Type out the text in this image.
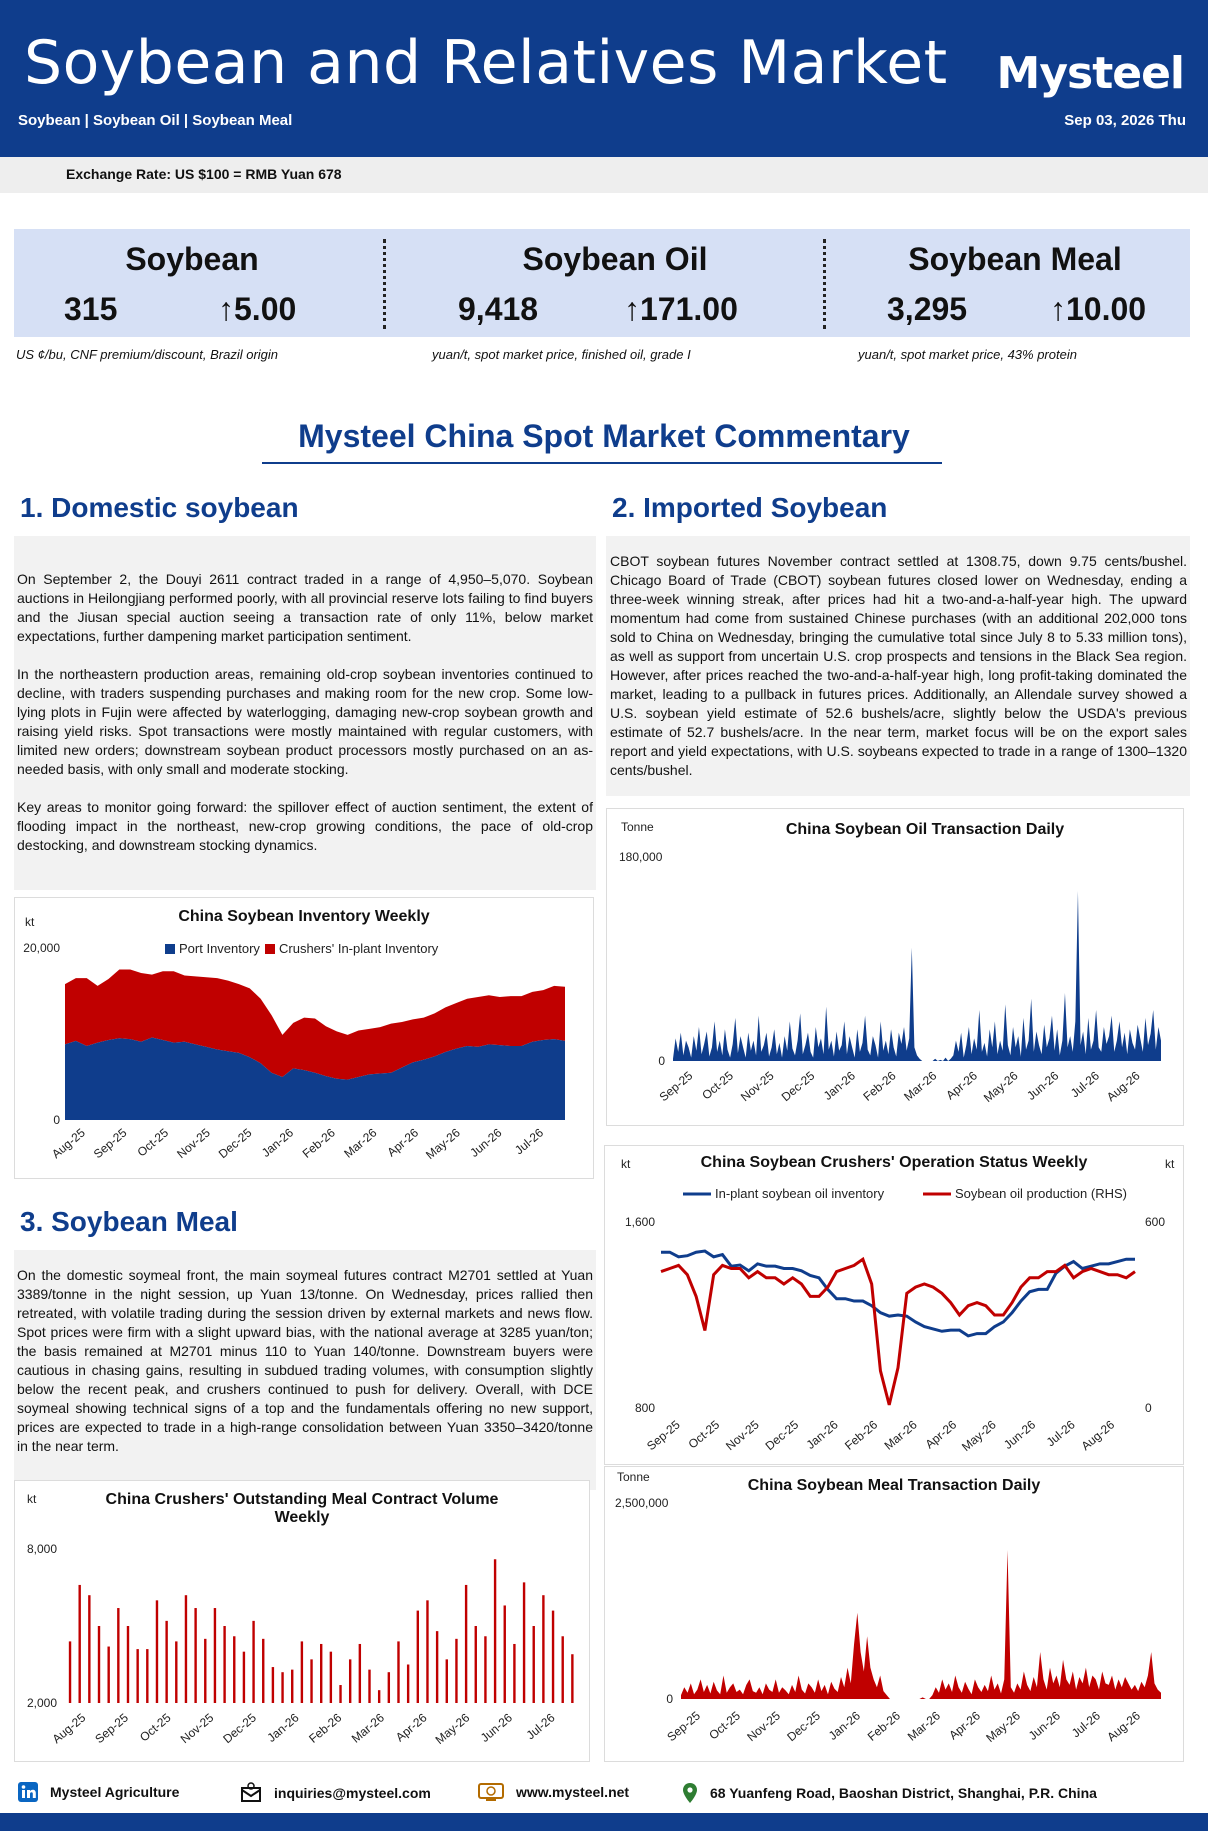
Soybean and Relatives Market
Soybean | Soybean Oil | Soybean Meal	Sep 03, 2026 Thu
Mysteel
Exchange Rate: US $100 = RMB Yuan 678
Soybean
315	↑5.00
Soybean Oil
9,418	↑171.00
Soybean Meal
3,295	↑10.00
US ¢/bu, CNF premium/discount, Brazil origin	yuan/t, spot market price, finished oil, grade I	yuan/t, spot market price, 43% protein
Mysteel China Spot Market Commentary
1. Domestic soybean

On September 2, the Douyi 2611 contract traded in a range of 4,950–5,070. Soybean auctions in Heilongjiang performed poorly, with all provincial reserve lots failing to find buyers and the Jiusan special auction seeing a transaction rate of only 11%, below market expectations, further dampening market participation sentiment.

In the northeastern production areas, remaining old-crop soybean inventories continued to decline, with traders suspending purchases and making room for the new crop. Some low-lying plots in Fujin were affected by waterlogging, damaging new-crop soybean growth and raising yield risks. Spot transactions were mostly maintained with regular customers, with limited new orders; downstream soybean product processors mostly purchased on an as-needed basis, with only small and moderate stocking.

Key areas to monitor going forward: the spillover effect of auction sentiment, the extent of flooding impact in the northeast, new-crop growing conditions, the pace of old-crop destocking, and downstream stocking dynamics.

2. Imported Soybean

CBOT soybean futures November contract settled at 1308.75, down 9.75 cents/bushel. Chicago Board of Trade (CBOT) soybean futures closed lower on Wednesday, ending a three-week winning streak, after prices had hit a two-and-a-half-year high. The upward momentum had come from sustained Chinese purchases (with an additional 202,000 tons sold to China on Wednesday, bringing the cumulative total since July 8 to 5.33 million tons), as well as support from uncertain U.S. crop prospects and tensions in the Black Sea region. However, after prices reached the two-and-a-half-year high, long profit-taking dominated the market, leading to a pullback in futures prices. Additionally, an Allendale survey showed a U.S. soybean yield estimate of 52.6 bushels/acre, slightly below the USDA's previous estimate of 52.7 bushels/acre. In the near term, market focus will be on the export sales report and yield expectations, with U.S. soybeans expected to trade in a range of 1300–1320 cents/bushel.

3. Soybean Meal

On the domestic soymeal front, the main soymeal futures contract M2701 settled at Yuan 3389/tonne in the night session, up Yuan 13/tonne. On Wednesday, prices rallied then retreated, with volatile trading during the session driven by external markets and news flow. Spot prices were firm with a slight upward bias, with the national average at 3285 yuan/ton; the basis remained at M2701 minus 110 to Yuan 140/tonne. Downstream buyers were cautious in chasing gains, resulting in subdued trading volumes, with consumption slightly below the recent peak, and crushers continued to push for delivery. Overall, with DCE soymeal showing technical signs of a top and the fundamentals offering no new support, prices are expected to trade in a high-range consolidation between Yuan 3350–3420/tonne in the near term.

China Soybean Inventory Weekly
kt
20,000
0
Port Inventory Crushers' In-plant Inventory
Aug-25 Sep-25 Oct-25 Nov-25 Dec-25 Jan-26 Feb-26 Mar-26 Apr-26 May-26 Jun-26 Jul-26
China Soybean Oil Transaction Daily
Tonne
180,000
0
Sep-25 Oct-25 Nov-25 Dec-25 Jan-26 Feb-26 Mar-26 Apr-26 May-26 Jun-26 Jul-26 Aug-26
China Soybean Crushers' Operation Status Weekly
kt	kt
1,600
800
600
0
In-plant soybean oil inventory	Soybean oil production (RHS)
Sep-25 Oct-25 Nov-25 Dec-25 Jan-26 Feb-26 Mar-26 Apr-26 May-26 Jun-26 Jul-26 Aug-26
China Crushers' Outstanding Meal Contract Volume Weekly
kt
8,000
2,000
Aug-25 Sep-25 Oct-25 Nov-25 Dec-25 Jan-26 Feb-26 Mar-26 Apr-26 May-26 Jun-26 Jul-26
China Soybean Meal Transaction Daily
Tonne
2,500,000
0
Sep-25 Oct-25 Nov-25 Dec-25 Jan-26 Feb-26 Mar-26 Apr-26 May-26 Jun-26 Jul-26 Aug-26
Mysteel Agriculture	inquiries@mysteel.com	www.mysteel.net	68 Yuanfeng Road, Baoshan District, Shanghai, P.R. China
